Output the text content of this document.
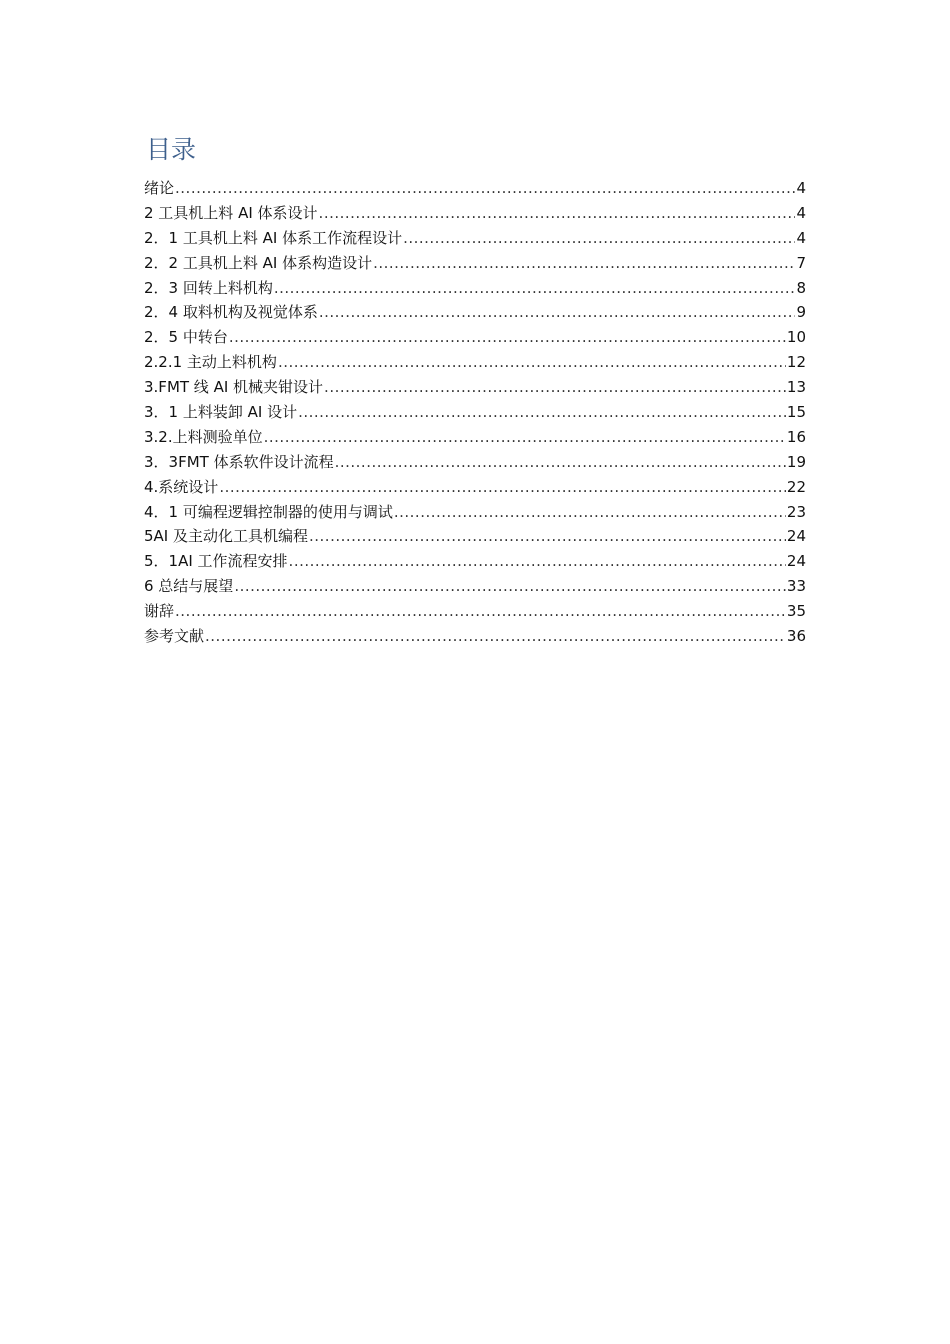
目录
绪论 .....	4
2 工具机上料 AI 体系设计 .....	4
2．1 工具机上料 AI 体系工作流程设计 .....	4
2．2 工具机上料 AI 体系构造设计 .....	7
2．3 回转上料机构 .....	8
2．4 取料机构及视觉体系 .....	9
2．5 中转台 .....	10
2.2.1 主动上料机构 .....	12
3.FMT 线 AI 机械夹钳设计 .....	13
3．1 上料装卸 AI 设计 .....	15
3.2.上料测验单位 .....	16
3．3FMT 体系软件设计流程 .....	19
4.系统设计 .....	22
4．1 可编程逻辑控制器的使用与调试 .....	23
5AI 及主动化工具机编程 .....	24
5．1AI 工作流程安排 .....	24
6 总结与展望 .....	33
谢辞 .....	35
参考文献 .....	36
